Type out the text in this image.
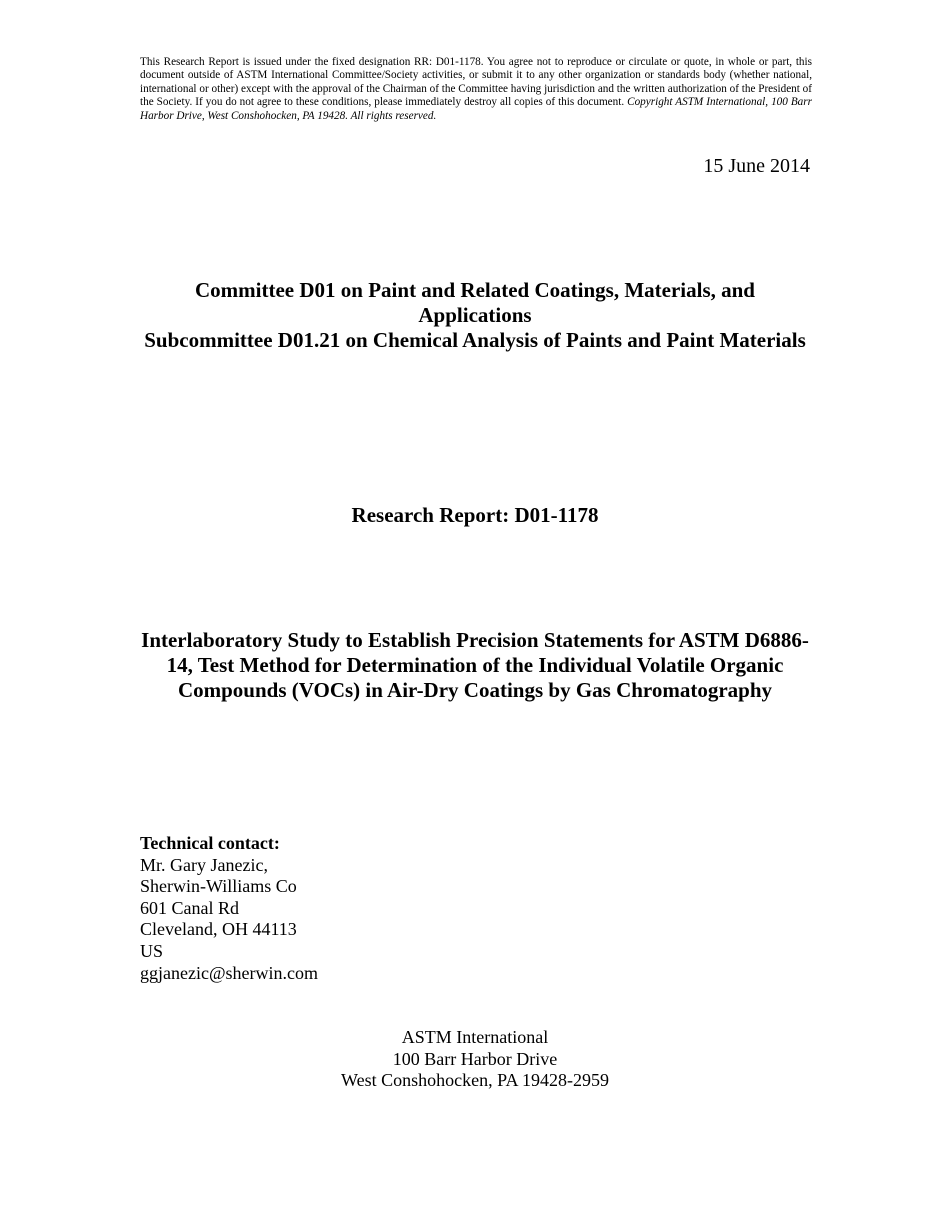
This Research Report is issued under the fixed designation RR: D01-1178. You agree not to reproduce or circulate or quote, in whole or part, this document outside of ASTM International Committee/Society activities, or submit it to any other organization or standards body (whether national, international or other) except with the approval of the Chairman of the Committee having jurisdiction and the written authorization of the President of the Society. If you do not agree to these conditions, please immediately destroy all copies of this document. Copyright ASTM International, 100 Barr Harbor Drive, West Conshohocken, PA 19428. All rights reserved.
15 June 2014
Committee D01 on Paint and Related Coatings, Materials, and Applications
Subcommittee D01.21 on Chemical Analysis of Paints and Paint Materials
Research Report: D01-1178
Interlaboratory Study to Establish Precision Statements for ASTM D6886-14, Test Method for Determination of the Individual Volatile Organic Compounds (VOCs) in Air-Dry Coatings by Gas Chromatography
Technical contact:
Mr. Gary Janezic,
Sherwin-Williams Co
601 Canal Rd
Cleveland, OH 44113
US
ggjanezic@sherwin.com
ASTM International
100 Barr Harbor Drive
West Conshohocken, PA 19428-2959
